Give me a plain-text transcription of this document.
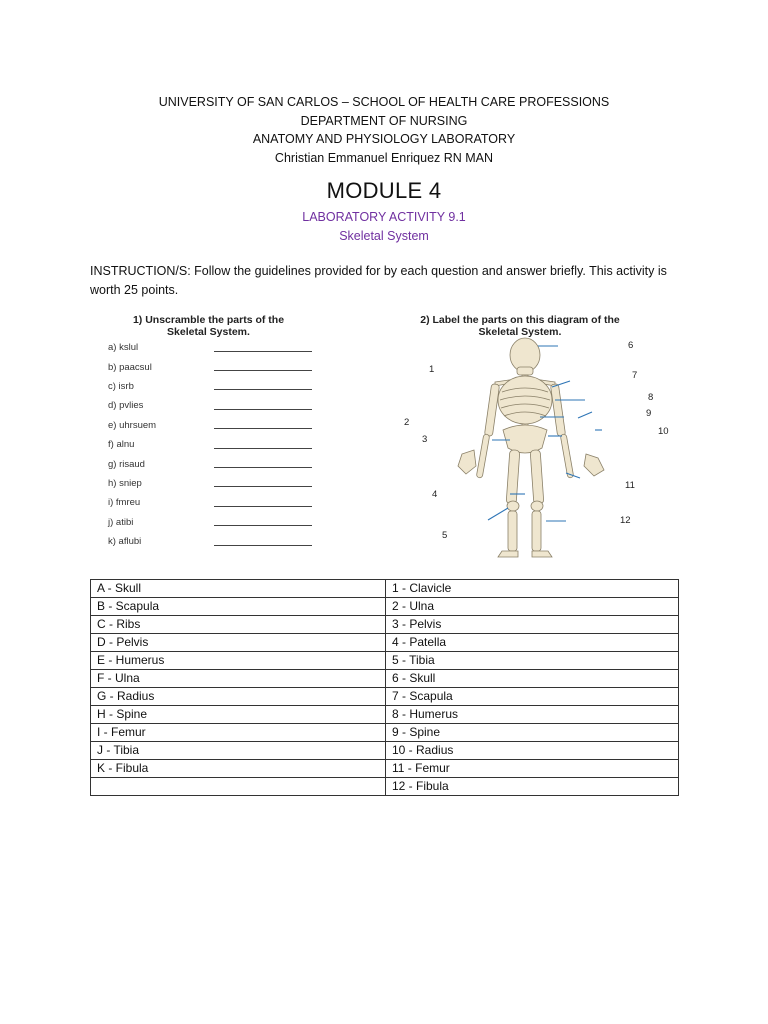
UNIVERSITY OF SAN CARLOS – SCHOOL OF HEALTH CARE PROFESSIONS
DEPARTMENT OF NURSING
ANATOMY AND PHYSIOLOGY LABORATORY
Christian Emmanuel Enriquez RN MAN
MODULE 4
LABORATORY ACTIVITY 9.1
Skeletal System
INSTRUCTION/S: Follow the guidelines provided for by each question and answer briefly. This activity is worth 25 points.
1) Unscramble the parts of the
Skeletal System.
a) kslul
b) paacsul
c) isrb
d) pvlies
e) uhrsuem
f) alnu
g) risaud
h) sniep
i) fmreu
j) atibi
k) aflubi
2) Label the parts on this diagram of the
Skeletal System.
1
2
3
4
5
6
7
8
9
10
11
12
A - Skull	1 - Clavicle
B - Scapula	2 - Ulna
C - Ribs	3 - Pelvis
D - Pelvis	4 - Patella
E - Humerus	5 - Tibia
F - Ulna	6 - Skull
G - Radius	7 - Scapula
H - Spine	8 - Humerus
I - Femur	9 - Spine
J - Tibia	10 - Radius
K - Fibula	11 - Femur
	12 - Fibula
